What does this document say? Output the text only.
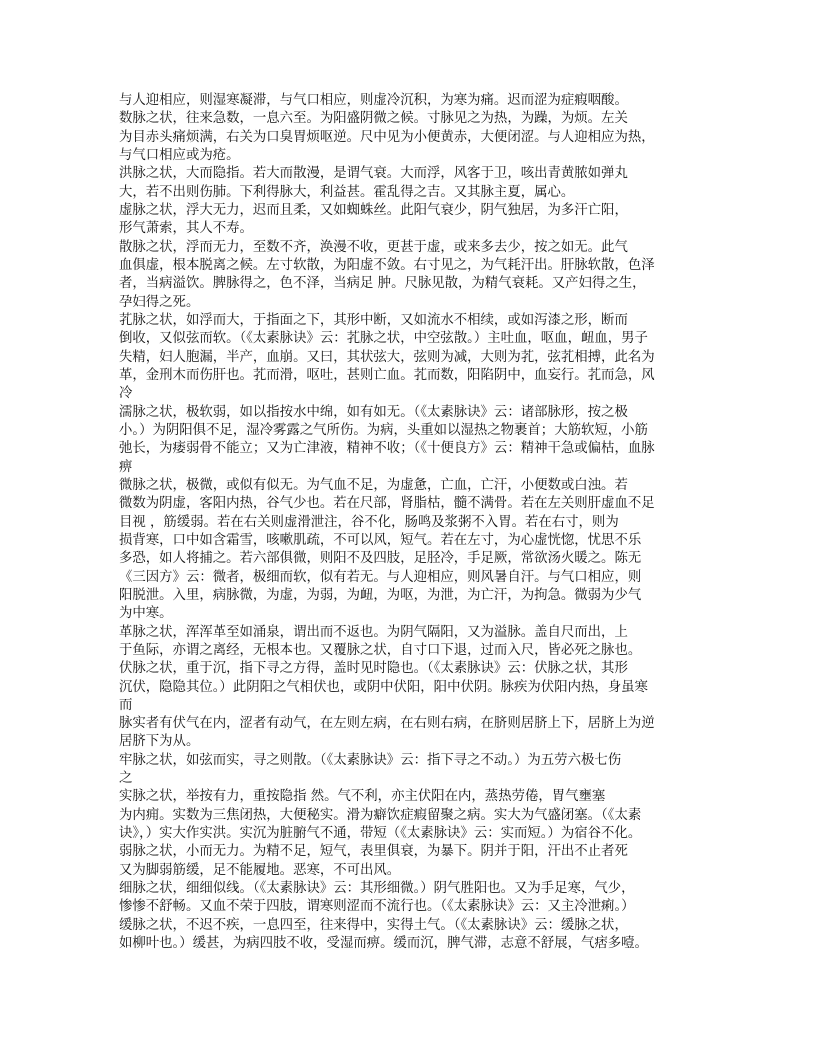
与人迎相应，则湿寒凝滞，与气口相应，则虚冷沉积，为寒为痛。迟而涩为症瘕咽酸。
数脉之状，往来急数，一息六至。为阳盛阴微之候。寸脉见之为热，为躁，为烦。左关
为目赤头痛烦满，右关为口臭胃烦呕逆。尺中见为小便黄赤，大便闭涩。与人迎相应为热，
与气口相应或为疮。
洪脉之状，大而隐指。若大而散漫，是谓气衰。大而浮，风客于卫，咳出青黄脓如弹丸
大，若不出则伤肺。下利得脉大，利益甚。霍乱得之吉。又其脉主夏，属心。
虚脉之状，浮大无力，迟而且柔，又如蜘蛛丝。此阳气衰少，阴气独居，为多汗亡阳，
形气萧索，其人不寿。
散脉之状，浮而无力，至数不齐，涣漫不收，更甚于虚，或来多去少，按之如无。此气
血俱虚，根本脱离之候。左寸软散，为阳虚不敛。右寸见之，为气耗汗出。肝脉软散，色泽
者，当病溢饮。脾脉得之，色不泽，当病足 肿。尺脉见散，为精气衰耗。又产妇得之生，
孕妇得之死。
芤脉之状，如浮而大，于指面之下，其形中断，又如流水不相续，或如泻漆之形，断而
倒收，又似弦而软。（《太素脉诀》云：芤脉之状，中空弦散。）主吐血，呕血，衄血，男子
失精，妇人胞漏，半产，血崩。又曰，其状弦大，弦则为减，大则为芤，弦芤相搏，此名为
革，金刑木而伤肝也。芤而滑，呕吐，甚则亡血。芤而数，阳陷阴中，血妄行。芤而急，风
冷
濡脉之状，极软弱，如以指按水中绵，如有如无。（《太素脉诀》云：诸部脉形，按之极
小。）为阴阳俱不足，湿冷雾露之气所伤。为病，头重如以湿热之物裹首；大筋软短，小筋
弛长，为痿弱骨不能立；又为亡津液，精神不收；（《十便良方》云：精神干急或偏枯，血脉
痹
微脉之状，极微，或似有似无。为气血不足，为虚惫，亡血，亡汗，小便数或白浊。若
微数为阴虚，客阳内热，谷气少也。若在尺部，肾脂枯，髓不满骨。若在左关则肝虚血不足
目视 ，筋缓弱。若在右关则虚滑泄注，谷不化，肠鸣及浆粥不入胃。若在右寸，则为
损背寒，口中如含霜雪，咳嗽肌疏，不可以风，短气。若在左寸，为心虚恍惚，忧思不乐
多恐，如人将捕之。若六部俱微，则阳不及四肢，足胫冷，手足厥，常欲汤火暖之。陈无
《三因方》云：微者，极细而软，似有若无。与人迎相应，则风暑自汗。与气口相应，则
阳脱泄。入里，病脉微，为虚，为弱，为衄，为呕，为泄，为亡汗，为拘急。微弱为少气
为中寒。
革脉之状，浑浑革至如涌泉，谓出而不返也。为阴气隔阳，又为溢脉。盖自尺而出，上
于鱼际，亦谓之离经，无根本也。又覆脉之状，自寸口下退，过而入尺，皆必死之脉也。
伏脉之状，重于沉，指下寻之方得，盖时见时隐也。（《太素脉诀》云：伏脉之状，其形
沉伏，隐隐其位。）此阴阳之气相伏也，或阴中伏阳，阳中伏阴。脉疾为伏阳内热，身虽寒
而
脉实者有伏气在内，涩者有动气，在左则左病，在右则右病，在脐则居脐上下，居脐上为逆
居脐下为从。
牢脉之状，如弦而实，寻之则散。（《太素脉诀》云：指下寻之不动。）为五劳六极七伤
之
实脉之状，举按有力，重按隐指 然。气不利，亦主伏阳在内，蒸热劳倦，胃气壅塞
为内痈。实数为三焦闭热，大便秘实。滑为癖饮症瘕留聚之病。实大为气盛闭塞。（《太素
诀》，）实大作实洪。实沉为脏腑气不通，带短（《太素脉诀》云：实而短。）为宿谷不化。
弱脉之状，小而无力。为精不足，短气，表里俱衰，为暴下。阴并于阳，汗出不止者死
又为脚弱筋缓，足不能履地。恶寒，不可出风。
细脉之状，细细似线。（《太素脉诀》云：其形细微。）阴气胜阳也。又为手足寒，气少，
惨惨不舒畅。又血不荣于四肢，谓寒则涩而不流行也。（《太素脉诀》云：又主冷泄痢。）
缓脉之状，不迟不疾，一息四至，往来得中，实得土气。（《太素脉诀》云：缓脉之状，
如柳叶也。）缓甚，为病四肢不收，受湿而痹。缓而沉，脾气滞，志意不舒展，气痞多噎。
